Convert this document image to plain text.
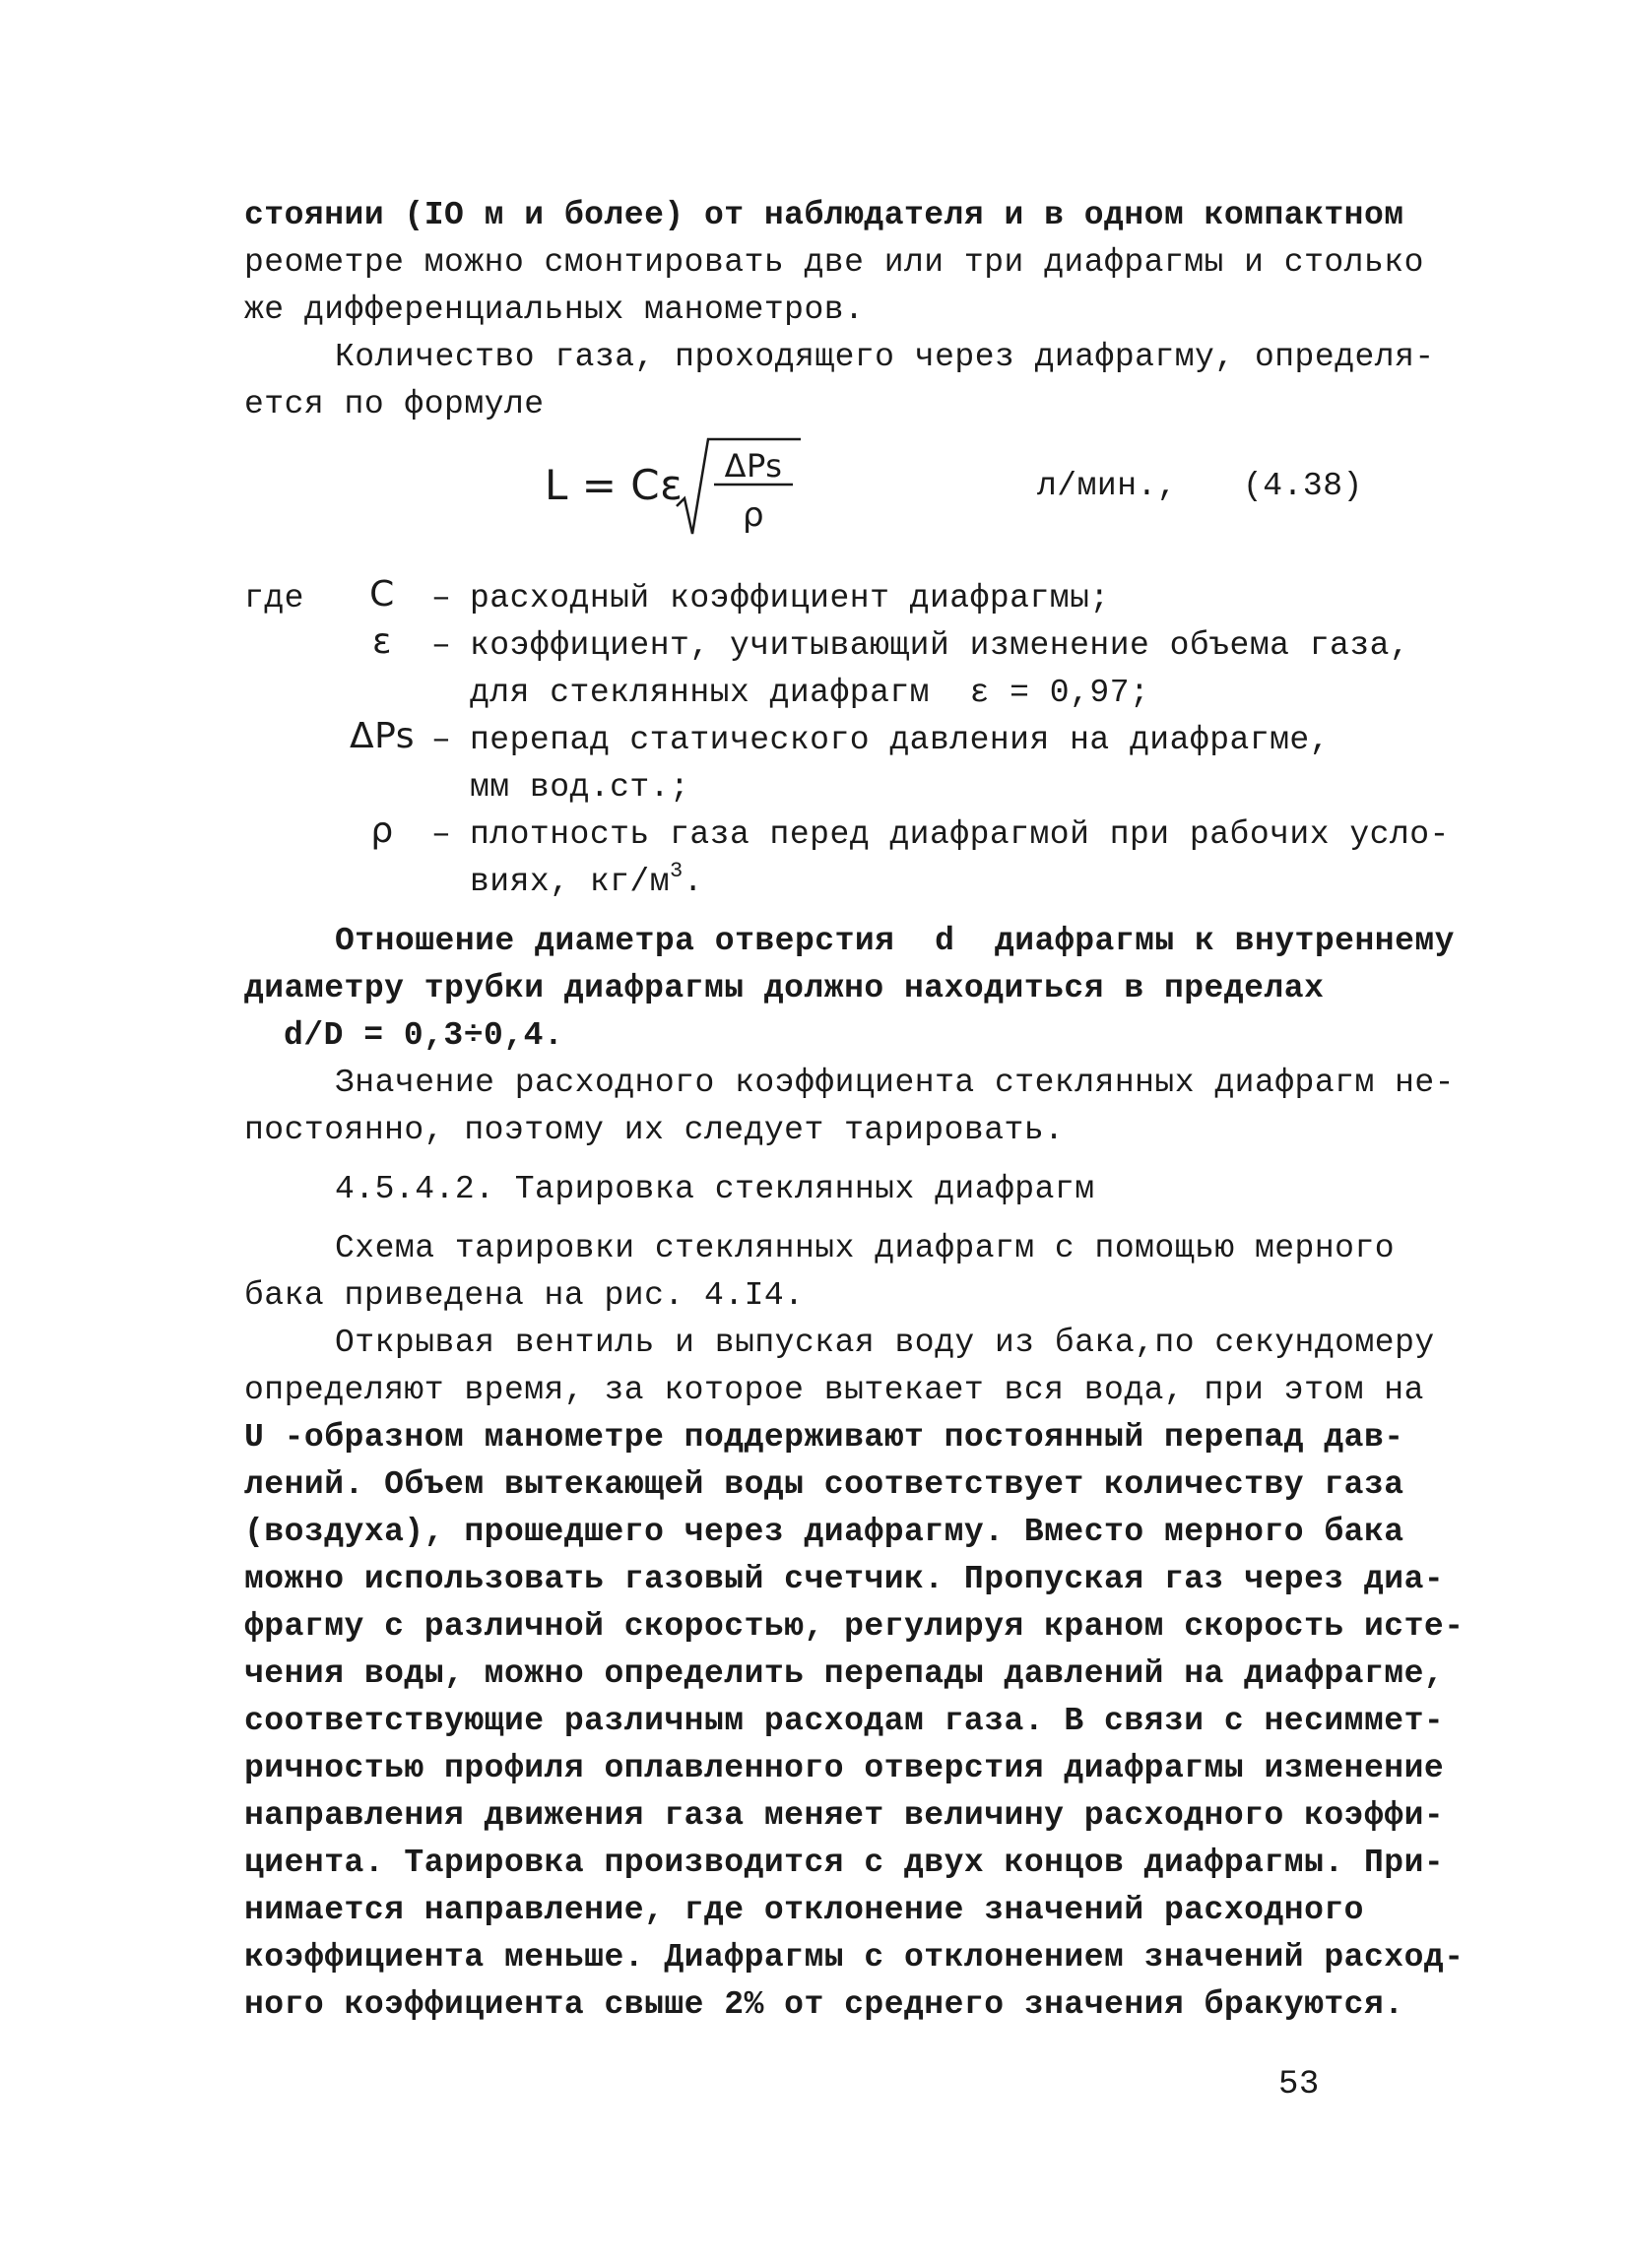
стоянии (IO м и более) от наблюдателя и в одном компактном
реометре можно смонтировать две или три диафрагмы и столько
же дифференциальных манометров.
Количество газа, проходящего через диафрагму, определя-
ется по формуле
L = Cε ΔPs
ρ
л/мин., (4.38)
где	C	– расходный коэффициент диафрагмы;
ε	– коэффициент, учитывающий изменение объема газа,
для стеклянных диафрагм  ε = 0,97;
ΔPs – перепад статического давления на диафрагме,
мм вод.ст.;
ρ	– плотность газа перед диафрагмой при рабочих усло-
виях, $кг/м^3$.
Отношение диаметра отверстия  d  диафрагмы к внутреннему
диаметру трубки диафрагмы должно находиться в пределах
d/D = 0,3÷0,4.
Значение расходного коэффициента стеклянных диафрагм не-
постоянно, поэтому их следует тарировать.
4.5.4.2. Тарировка стеклянных диафрагм
Схема тарировки стеклянных диафрагм с помощью мерного
бака приведена на рис. 4.I4.
Открывая вентиль и выпуская воду из бака,по секундомеру
определяют время, за которое вытекает вся вода, при этом на
U -образном манометре поддерживают постоянный перепад дав-
лений. Объем вытекающей воды соответствует количеству газа
(воздуха), прошедшего через диафрагму. Вместо мерного бака
можно использовать газовый счетчик. Пропуская газ через диа-
фрагму с различной скоростью, регулируя краном скорость исте-
чения воды, можно определить перепады давлений на диафрагме,
соответствующие различным расходам газа. В связи с несиммет-
ричностью профиля оплавленного отверстия диафрагмы изменение
направления движения газа меняет величину расходного коэффи-
циента. Тарировка производится с двух концов диафрагмы. При-
нимается направление, где отклонение значений расходного
коэффициента меньше. Диафрагмы с отклонением значений расход-
ного коэффициента свыше 2% от среднего значения бракуются.
53
